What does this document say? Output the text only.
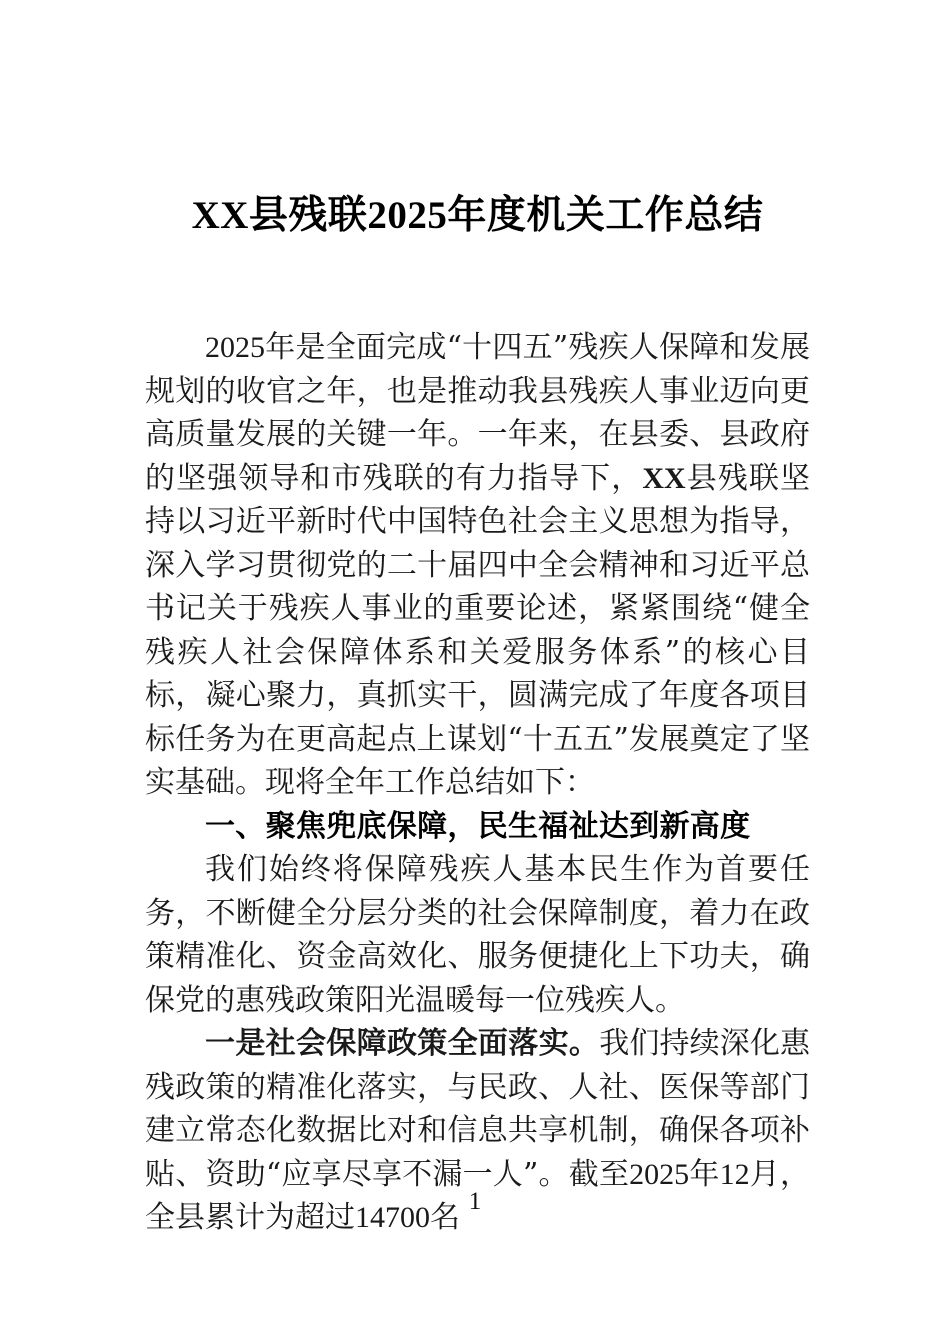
XX县残联2025年度机关工作总结

2025年是全面完成“十四五”残疾人保障和发展规划的收官之年，也是推动我县残疾人事业迈向更高质量发展的关键一年。一年来，在县委、县政府的坚强领导和市残联的有力指导下，XX县残联坚持以习近平新时代中国特色社会主义思想为指导，深入学习贯彻党的二十届四中全会精神和习近平总书记关于残疾人事业的重要论述，紧紧围绕“健全残疾人社会保障体系和关爱服务体系”的核心目标，凝心聚力，真抓实干，圆满完成了年度各项目标任务为在更高起点上谋划“十五五”发展奠定了坚实基础。现将全年工作总结如下：

一、聚焦兜底保障，民生福祉达到新高度

我们始终将保障残疾人基本民生作为首要任务，不断健全分层分类的社会保障制度，着力在政策精准化、资金高效化、服务便捷化上下功夫，确保党的惠残政策阳光温暖每一位残疾人。

一是社会保障政策全面落实。我们持续深化惠残政策的精准化落实，与民政、人社、医保等部门建立常态化数据比对和信息共享机制，确保各项补贴、资助“应享尽享不漏一人”。截至2025年12月，全县累计为超过14700名 1
